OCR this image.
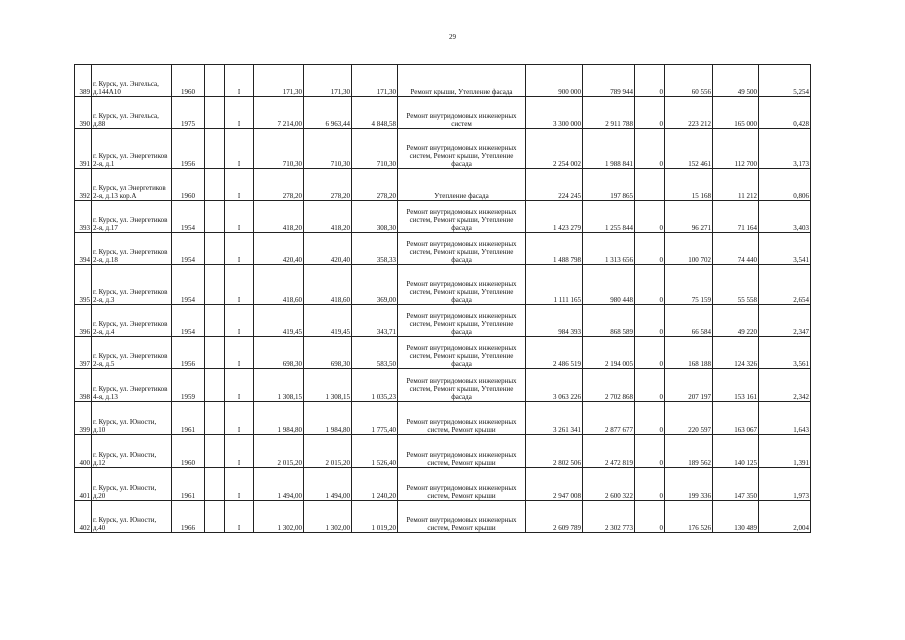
29
389	г. Курск, ул. Энгельса, д.144А10	1960		I	171,30	171,30	171,30	Ремонт крыши, Утепление фасада	900 000	789 944	0	60 556	49 500	5,254
390	г. Курск, ул. Энгельса, д.88	1975		I	7 214,00	6 963,44	4 848,58	Ремонт внутридомовых инженерных систем	3 300 000	2 911 788	0	223 212	165 000	0,428
391	г. Курск, ул. Энергетиков 2-я, д.1	1956		I	710,30	710,30	710,30	Ремонт внутридомовых инженерных систем, Ремонт крыши, Утепление фасада	2 254 002	1 988 841	0	152 461	112 700	3,173
392	г. Курск, ул Энергетиков 2-я, д.13 кор.А	1960		I	278,20	278,20	278,20	Утепление фасада	224 245	197 865		15 168	11 212	0,806
393	г. Курск, ул. Энергетиков 2-я, д.17	1954		I	418,20	418,20	308,30	Ремонт внутридомовых инженерных систем, Ремонт крыши, Утепление фасада	1 423 279	1 255 844	0	96 271	71 164	3,403
394	г. Курск, ул. Энергетиков 2-я, д.18	1954		I	420,40	420,40	358,33	Ремонт внутридомовых инженерных систем, Ремонт крыши, Утепление фасада	1 488 798	1 313 656	0	100 702	74 440	3,541
395	г. Курск, ул. Энергетиков 2-я, д.3	1954		I	418,60	418,60	369,00	Ремонт внутридомовых инженерных систем, Ремонт крыши, Утепление фасада	1 111 165	980 448	0	75 159	55 558	2,654
396	г. Курск, ул. Энергетиков 2-я, д.4	1954		I	419,45	419,45	343,71	Ремонт внутридомовых инженерных систем, Ремонт крыши, Утепление фасада	984 393	868 589	0	66 584	49 220	2,347
397	г. Курск, ул. Энергетиков 2-я, д.5	1956		I	698,30	698,30	583,50	Ремонт внутридомовых инженерных систем, Ремонт крыши, Утепление фасада	2 486 519	2 194 005	0	168 188	124 326	3,561
398	г. Курск, ул. Энергетиков 4-я, д.13	1959		I	1 308,15	1 308,15	1 035,23	Ремонт внутридомовых инженерных систем, Ремонт крыши, Утепление фасада	3 063 226	2 702 868	0	207 197	153 161	2,342
399	г. Курск, ул. Юности, д.10	1961		I	1 984,80	1 984,80	1 775,40	Ремонт внутридомовых инженерных систем, Ремонт крыши	3 261 341	2 877 677	0	220 597	163 067	1,643
400	г. Курск, ул. Юности, д.12	1960		I	2 015,20	2 015,20	1 526,40	Ремонт внутридомовых инженерных систем, Ремонт крыши	2 802 506	2 472 819	0	189 562	140 125	1,391
401	г. Курск, ул. Юности, д.20	1961		I	1 494,00	1 494,00	1 240,20	Ремонт внутридомовых инженерных систем, Ремонт крыши	2 947 008	2 600 322	0	199 336	147 350	1,973
402	г. Курск, ул. Юности, д.40	1966		I	1 302,00	1 302,00	1 019,20	Ремонт внутридомовых инженерных систем, Ремонт крыши	2 609 789	2 302 773	0	176 526	130 489	2,004
